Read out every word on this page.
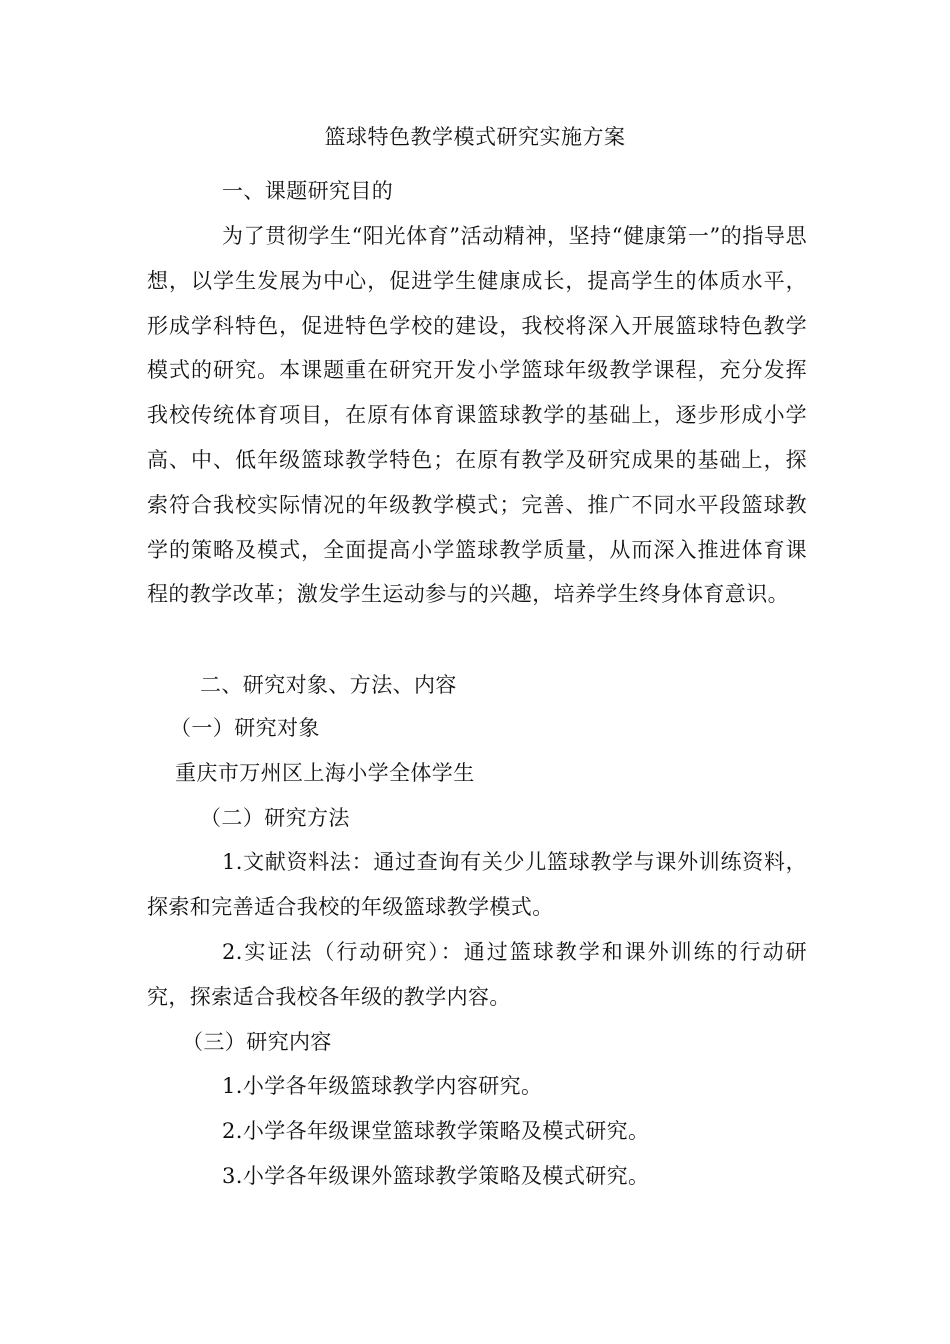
篮球特色教学模式研究实施方案
一、课题研究目的
为了贯彻学生“阳光体育”活动精神，坚持“健康第一”的指导思想，以学生发展为中心，促进学生健康成长，提高学生的体质水平，形成学科特色，促进特色学校的建设，我校将深入开展篮球特色教学模式的研究。本课题重在研究开发小学篮球年级教学课程，充分发挥我校传统体育项目，在原有体育课篮球教学的基础上，逐步形成小学高、中、低年级篮球教学特色；在原有教学及研究成果的基础上，探索符合我校实际情况的年级教学模式；完善、推广不同水平段篮球教学的策略及模式，全面提高小学篮球教学质量，从而深入推进体育课程的教学改革；激发学生运动参与的兴趣，培养学生终身体育意识。
二、研究对象、方法、内容
（一）研究对象
重庆市万州区上海小学全体学生
（二）研究方法
1.文献资料法：通过查询有关少儿篮球教学与课外训练资料，探索和完善适合我校的年级篮球教学模式。
2.实证法（行动研究）：通过篮球教学和课外训练的行动研究，探索适合我校各年级的教学内容。
（三）研究内容
1.小学各年级篮球教学内容研究。
2.小学各年级课堂篮球教学策略及模式研究。
3.小学各年级课外篮球教学策略及模式研究。
